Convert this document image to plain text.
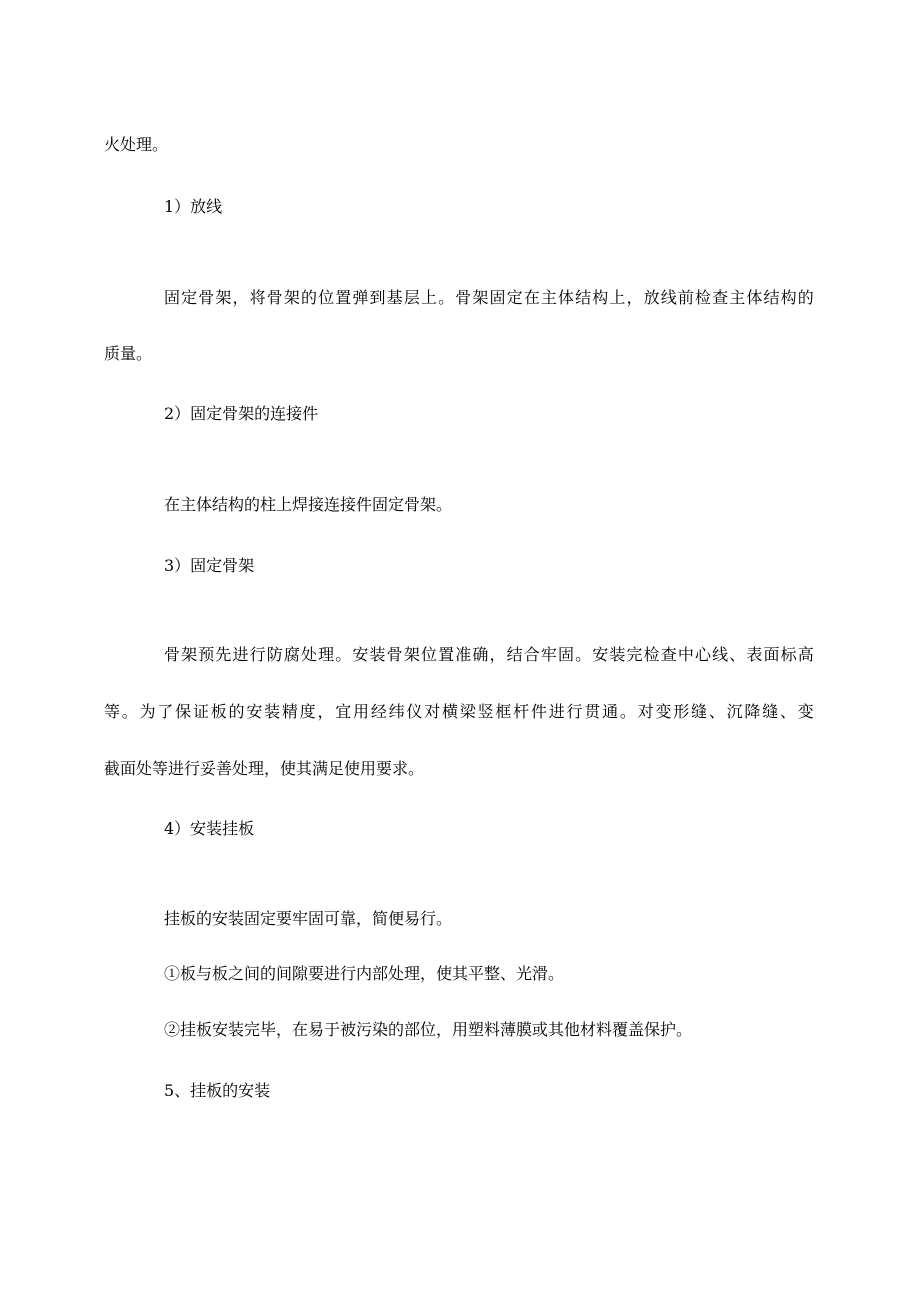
火处理。

1）放线

固定骨架，将骨架的位置弹到基层上。骨架固定在主体结构上，放线前检查主体结构的

质量。

2）固定骨架的连接件

在主体结构的柱上焊接连接件固定骨架。

3）固定骨架

骨架预先进行防腐处理。安装骨架位置准确，结合牢固。安装完检查中心线、表面标高

等。为了保证板的安装精度，宜用经纬仪对横梁竖框杆件进行贯通。对变形缝、沉降缝、变

截面处等进行妥善处理，使其满足使用要求。

4）安装挂板

挂板的安装固定要牢固可靠，简便易行。

①板与板之间的间隙要进行内部处理，使其平整、光滑。

②挂板安装完毕，在易于被污染的部位，用塑料薄膜或其他材料覆盖保护。

5、挂板的安装
